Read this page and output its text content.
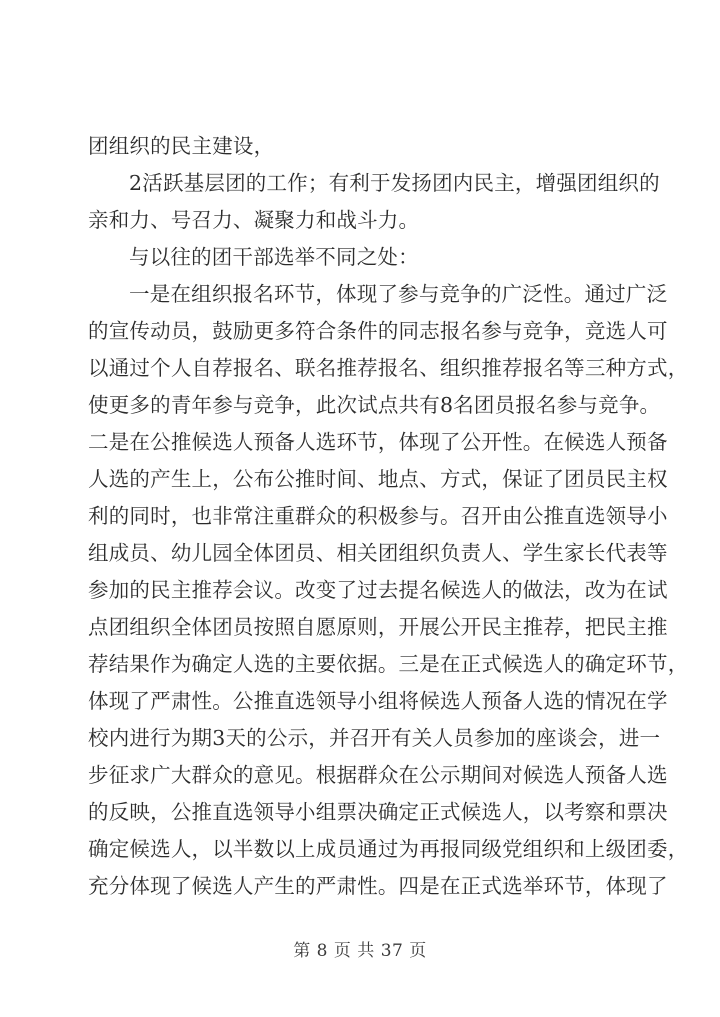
团组织的民主建设，
2 活 跃 基 层 团 的 工 作 ； 有 利 于 发 扬 团 内 民 主 ， 增 强 团 组 织 的
亲和力、号召力、凝聚力和战斗力。
与以往的团干部选举不同之处：
一 是 在 组 织 报 名 环 节 ， 体 现 了 参 与 竞 争 的 广 泛 性 。 通 过 广 泛
的 宣 传 动 员 ， 鼓 励 更 多 符 合 条 件 的 同 志 报 名 参 与 竞 争 ， 竞 选 人 可
以 通 过 个 人 自 荐 报 名 、 联 名 推 荐 报 名 、 组 织 推 荐 报 名 等 三 种 方 式 ，
使 更 多 的 青 年 参 与 竞 争 ， 此 次 试 点 共 有 8 名 团 员 报 名 参 与 竞 争 。
二 是 在 公 推 候 选 人 预 备 人 选 环 节 ， 体 现 了 公 开 性 。 在 候 选 人 预 备
人 选 的 产 生 上 ， 公 布 公 推 时 间 、 地 点 、 方 式 ， 保 证 了 团 员 民 主 权
利 的 同 时 ， 也 非 常 注 重 群 众 的 积 极 参 与 。 召 开 由 公 推 直 选 领 导 小
组 成 员 、 幼 儿 园 全 体 团 员 、 相 关 团 组 织 负 责 人 、 学 生 家 长 代 表 等
参 加 的 民 主 推 荐 会 议 。 改 变 了 过 去 提 名 候 选 人 的 做 法 ， 改 为 在 试
点 团 组 织 全 体 团 员 按 照 自 愿 原 则 ， 开 展 公 开 民 主 推 荐 ， 把 民 主 推
荐 结 果 作 为 确 定 人 选 的 主 要 依 据 。 三 是 在 正 式 候 选 人 的 确 定 环 节 ，
体 现 了 严 肃 性 。 公 推 直 选 领 导 小 组 将 候 选 人 预 备 人 选 的 情 况 在 学
校 内 进 行 为 期 3 天 的 公 示 ， 并 召 开 有 关 人 员 参 加 的 座 谈 会 ， 进 一
步 征 求 广 大 群 众 的 意 见 。 根 据 群 众 在 公 示 期 间 对 候 选 人 预 备 人 选
的 反 映 ， 公 推 直 选 领 导 小 组 票 决 确 定 正 式 候 选 人 ， 以 考 察 和 票 决
确 定 候 选 人 ， 以 半 数 以 上 成 员 通 过 为 再 报 同 级 党 组 织 和 上 级 团 委 ，
充 分 体 现 了 候 选 人 产 生 的 严 肃 性 。 四 是 在 正 式 选 举 环 节 ， 体 现 了
第 8 页 共 37 页
